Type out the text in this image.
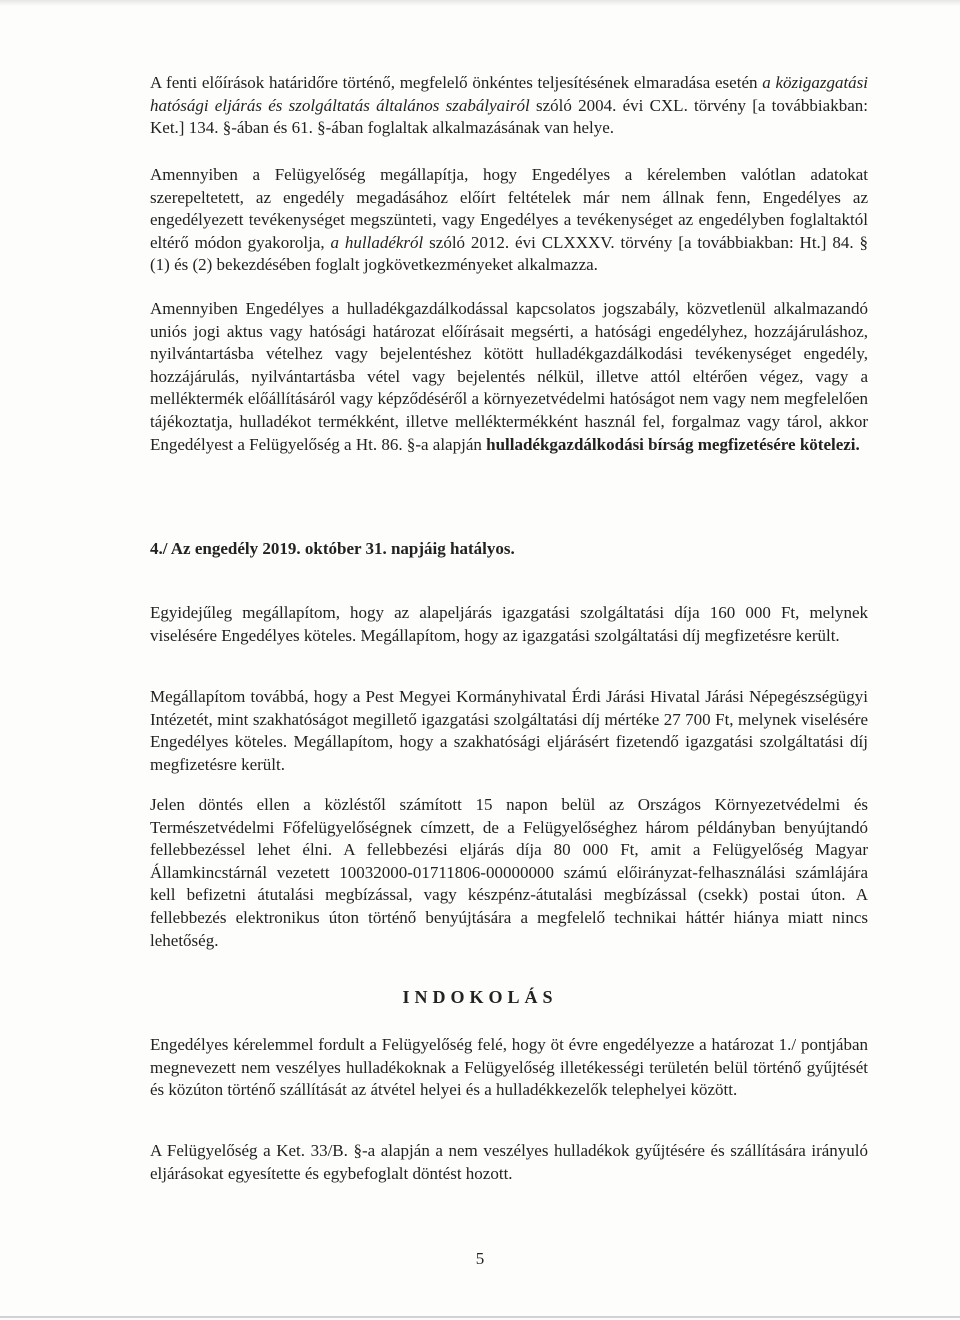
A fenti előírások határidőre történő, megfelelő önkéntes teljesítésének elmaradása esetén a közigazgatási hatósági eljárás és szolgáltatás általános szabályairól szóló 2004. évi CXL. törvény [a továbbiakban: Ket.] 134. §-ában és 61. §-ában foglaltak alkalmazásának van helye.

Amennyiben a Felügyelőség megállapítja, hogy Engedélyes a kérelemben valótlan adatokat szerepeltetett, az engedély megadásához előírt feltételek már nem állnak fenn, Engedélyes az engedélyezett tevékenységet megszünteti, vagy Engedélyes a tevékenységet az engedélyben foglaltaktól eltérő módon gyakorolja, a hulladékról szóló 2012. évi CLXXXV. törvény [a továbbiakban: Ht.] 84. § (1) és (2) bekezdésében foglalt jogkövetkezményeket alkalmazza.

Amennyiben Engedélyes a hulladékgazdálkodással kapcsolatos jogszabály, közvetlenül alkalmazandó uniós jogi aktus vagy hatósági határozat előírásait megsérti, a hatósági engedélyhez, hozzájáruláshoz, nyilvántartásba vételhez vagy bejelentéshez kötött hulladékgazdálkodási tevékenységet engedély, hozzájárulás, nyilvántartásba vétel vagy bejelentés nélkül, illetve attól eltérően végez, vagy a melléktermék előállításáról vagy képződéséről a környezetvédelmi hatóságot nem vagy nem megfelelően tájékoztatja, hulladékot termékként, illetve melléktermékként használ fel, forgalmaz vagy tárol, akkor Engedélyest a Felügyelőség a Ht. 86. §-a alapján hulladékgazdálkodási bírság megfizetésére kötelezi.

4./ Az engedély 2019. október 31. napjáig hatályos.

Egyidejűleg megállapítom, hogy az alapeljárás igazgatási szolgáltatási díja 160 000 Ft, melynek viselésére Engedélyes köteles. Megállapítom, hogy az igazgatási szolgáltatási díj megfizetésre került.

Megállapítom továbbá, hogy a Pest Megyei Kormányhivatal Érdi Járási Hivatal Járási Népegészségügyi Intézetét, mint szakhatóságot megillető igazgatási szolgáltatási díj mértéke 27 700 Ft, melynek viselésére Engedélyes köteles. Megállapítom, hogy a szakhatósági eljárásért fizetendő igazgatási szolgáltatási díj megfizetésre került.

Jelen döntés ellen a közléstől számított 15 napon belül az Országos Környezetvédelmi és Természetvédelmi Főfelügyelőségnek címzett, de a Felügyelőséghez három példányban benyújtandó fellebbezéssel lehet élni. A fellebbezési eljárás díja 80 000 Ft, amit a Felügyelőség Magyar Államkincstárnál vezetett 10032000-01711806-00000000 számú előirányzat-felhasználási számlájára kell befizetni átutalási megbízással, vagy készpénz-átutalási megbízással (csekk) postai úton. A fellebbezés elektronikus úton történő benyújtására a megfelelő technikai háttér hiánya miatt nincs lehetőség.

INDOKOLÁS

Engedélyes kérelemmel fordult a Felügyelőség felé, hogy öt évre engedélyezze a határozat 1./ pontjában megnevezett nem veszélyes hulladékoknak a Felügyelőség illetékességi területén belül történő gyűjtését és közúton történő szállítását az átvétel helyei és a hulladékkezelők telephelyei között.

A Felügyelőség a Ket. 33/B. §-a alapján a nem veszélyes hulladékok gyűjtésére és szállítására irányuló eljárásokat egyesítette és egybefoglalt döntést hozott.

5
